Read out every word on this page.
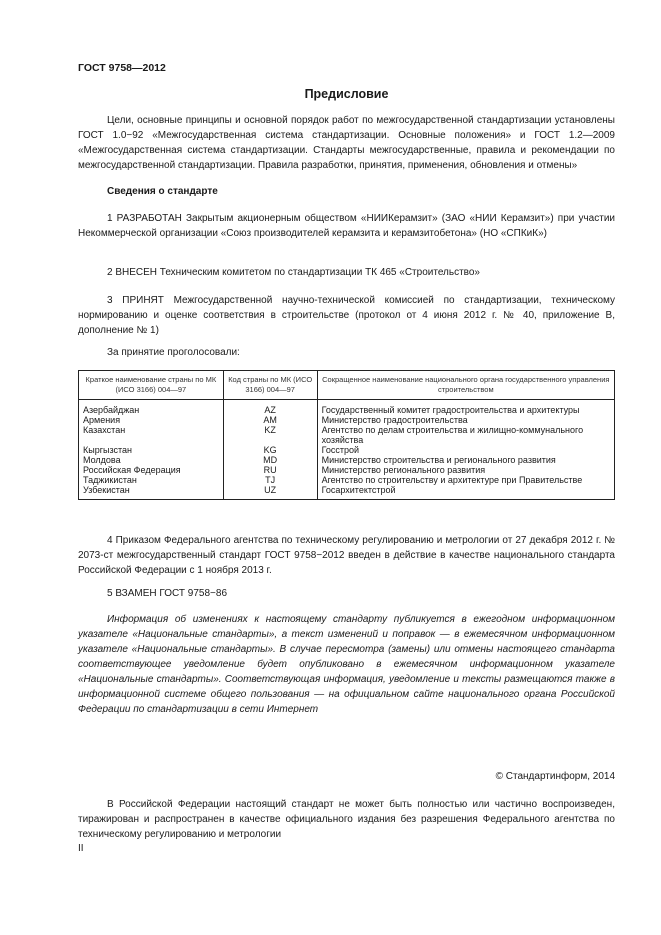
ГОСТ 9758—2012
Предисловие

Цели, основные принципы и основной порядок работ по межгосударственной стандартизации установлены ГОСТ 1.0−92 «Межгосударственная система стандартизации. Основные положения» и ГОСТ 1.2—2009 «Межгосударственная система стандартизации. Стандарты межгосударственные, правила и рекомендации по межгосударственной стандартизации. Правила разработки, принятия, применения, обновления и отмены»

Сведения о стандарте

1 РАЗРАБОТАН Закрытым акционерным обществом «НИИКерамзит» (ЗАО «НИИ Керамзит») при участии Некоммерческой организации «Союз производителей керамзита и керамзитобетона» (НО «СПКиК»)

2 ВНЕСЕН Техническим комитетом по стандартизации ТК 465 «Строительство»

3 ПРИНЯТ Межгосударственной научно-технической комиссией по стандартизации, техническому нормированию и оценке соответствия в строительстве (протокол от 4 июня 2012 г. № 40, приложение В, дополнение № 1)

За принятие проголосовали:

Краткое наименование страны по МК (ИСО 3166) 004—97	Код страны по МК (ИСО 3166) 004—97	Сокращенное наименование национального органа государственного управления строительством
Азербайджан	AZ	Государственный комитет градостроительства и архитектуры
Армения	AM	Министерство градостроительства
Казахстан	KZ	Агентство по делам строительства и жилищно-коммунального хозяйства
Кыргызстан	KG	Госстрой
Молдова	MD	Министерство строительства и регионального развития
Российская Федерация	RU	Министерство регионального развития
Таджикистан	TJ	Агентство по строительству и архитектуре при Правительстве
Узбекистан	UZ	Госархитектстрой

4 Приказом Федерального агентства по техническому регулированию и метрологии от 27 декабря 2012 г. № 2073-ст межгосударственный стандарт ГОСТ 9758−2012 введен в действие в качестве национального стандарта Российской Федерации с 1 ноября 2013 г.

5 ВЗАМЕН ГОСТ 9758−86

Информация об изменениях к настоящему стандарту публикуется в ежегодном информационном указателе «Национальные стандарты», а текст изменений и поправок — в ежемесячном информационном указателе «Национальные стандарты». В случае пересмотра (замены) или отмены настоящего стандарта соответствующее уведомление будет опубликовано в ежемесячном информационном указателе «Национальные стандарты». Соответствующая информация, уведомление и тексты размещаются также в информационной системе общего пользования — на официальном сайте национального органа Российской Федерации по стандартизации в сети Интернет

© Стандартинформ, 2014

В Российской Федерации настоящий стандарт не может быть полностью или частично воспроизведен, тиражирован и распространен в качестве официального издания без разрешения Федерального агентства по техническому регулированию и метрологии

II
